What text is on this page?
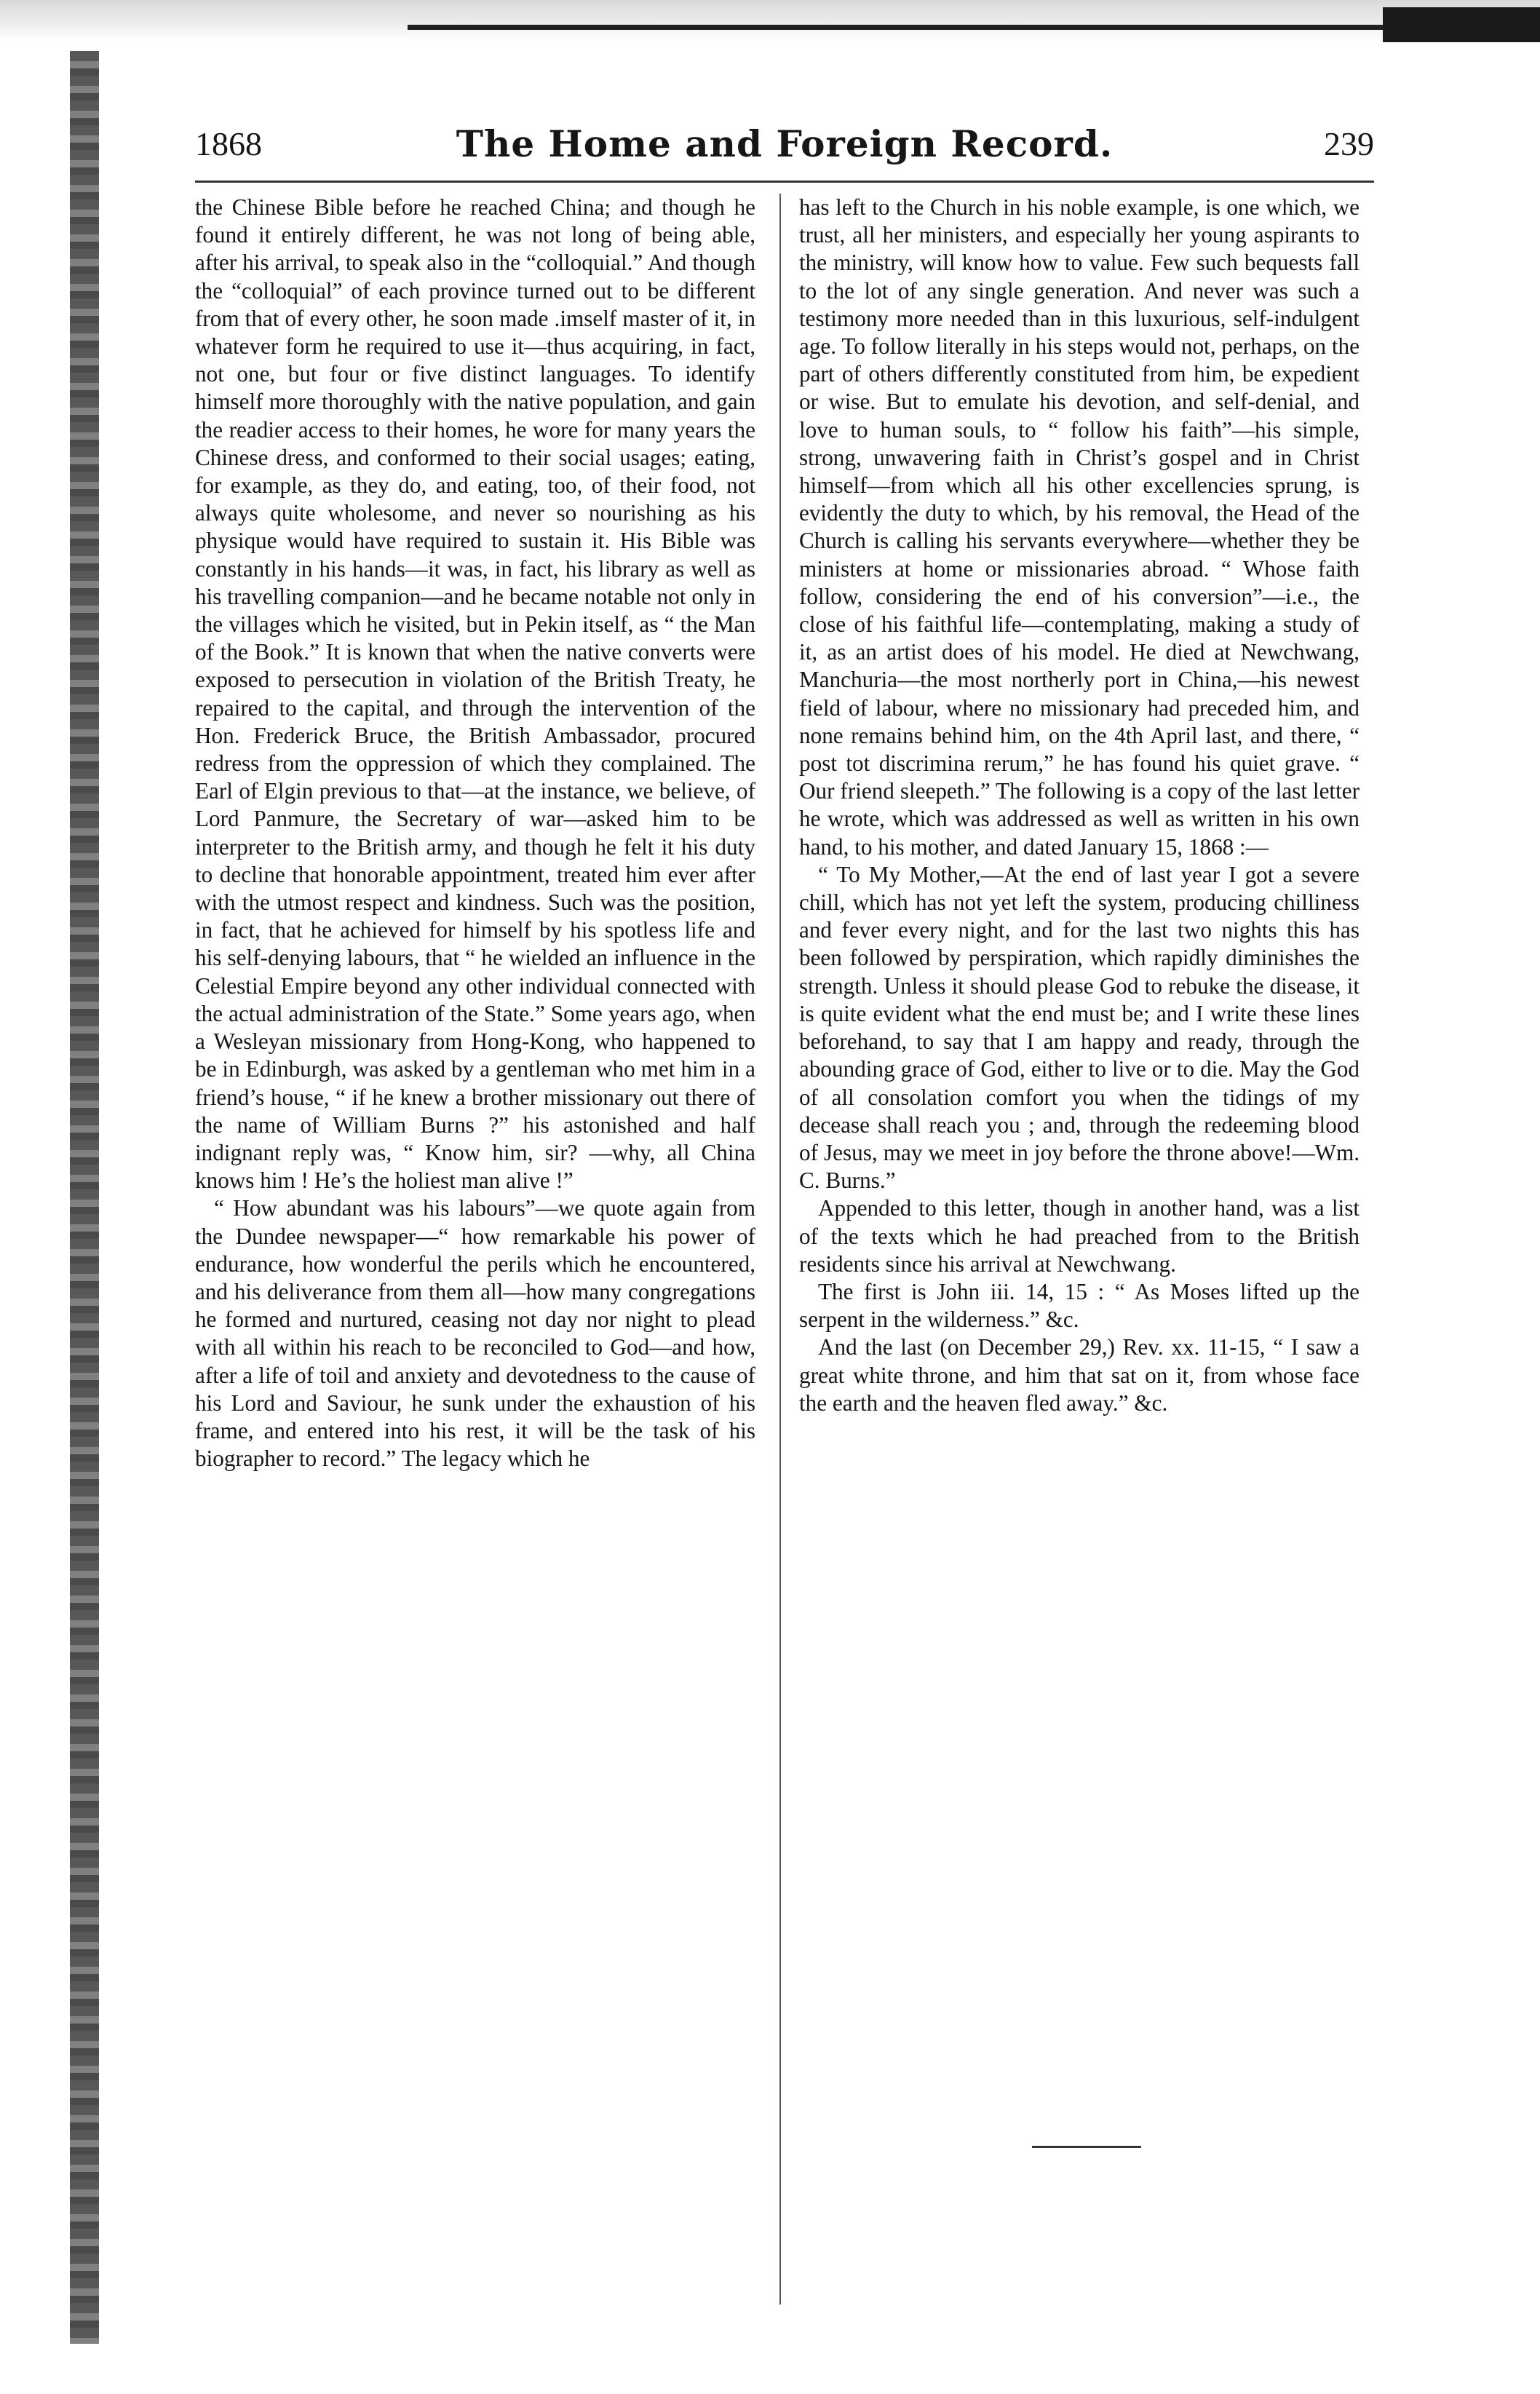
1868	The Home and Foreign Record.	239

the Chinese Bible before he reached China; and though he found it entirely different, he was not long of being able, after his arrival, to speak also in the “colloquial.” And though the “colloquial” of each province turned out to be different from that of every other, he soon made .imself master of it, in whatever form he required to use it—thus acquiring, in fact, not one, but four or five distinct languages. To identify himself more thoroughly with the native population, and gain the readier access to their homes, he wore for many years the Chinese dress, and conformed to their social usages; eating, for example, as they do, and eating, too, of their food, not always quite wholesome, and never so nourishing as his physique would have required to sustain it. His Bible was constantly in his hands—it was, in fact, his library as well as his travelling companion—and he became notable not only in the villages which he visited, but in Pekin itself, as “ the Man of the Book.” It is known that when the native converts were exposed to persecution in violation of the British Treaty, he repaired to the capital, and through the intervention of the Hon. Frederick Bruce, the British Ambassador, procured redress from the oppression of which they complained. The Earl of Elgin previous to that—at the instance, we believe, of Lord Panmure, the Secretary of war—asked him to be interpreter to the British army, and though he felt it his duty to decline that honorable appointment, treated him ever after with the utmost respect and kindness. Such was the position, in fact, that he achieved for himself by his spotless life and his self-denying labours, that “ he wielded an influence in the Celestial Empire beyond any other individual connected with the actual administration of the State.” Some years ago, when a Wesleyan missionary from Hong-Kong, who happened to be in Edinburgh, was asked by a gentleman who met him in a friend’s house, “ if he knew a brother missionary out there of the name of William Burns ?” his astonished and half indignant reply was, “ Know him, sir? —why, all China knows him ! He’s the holiest man alive !”

“ How abundant was his labours”—we quote again from the Dundee newspaper—“ how remarkable his power of endurance, how wonderful the perils which he encountered, and his deliverance from them all—how many congregations he formed and nurtured, ceasing not day nor night to plead with all within his reach to be reconciled to God—and how, after a life of toil and anxiety and devotedness to the cause of his Lord and Saviour, he sunk under the exhaustion of his frame, and entered into his rest, it will be the task of his biographer to record.” The legacy which he

has left to the Church in his noble example, is one which, we trust, all her ministers, and especially her young aspirants to the ministry, will know how to value. Few such bequests fall to the lot of any single generation. And never was such a testimony more needed than in this luxurious, self-indulgent age. To follow literally in his steps would not, perhaps, on the part of others differently constituted from him, be expedient or wise. But to emulate his devotion, and self-denial, and love to human souls, to “ follow his faith”—his simple, strong, unwavering faith in Christ’s gospel and in Christ himself—from which all his other excellencies sprung, is evidently the duty to which, by his removal, the Head of the Church is calling his servants everywhere—whether they be ministers at home or missionaries abroad. “ Whose faith follow, considering the end of his conversion”—i.e., the close of his faithful life—contemplating, making a study of it, as an artist does of his model. He died at Newchwang, Manchuria—the most northerly port in China,—his newest field of labour, where no missionary had preceded him, and none remains behind him, on the 4th April last, and there, “ post tot discrimina rerum,” he has found his quiet grave. “ Our friend sleepeth.” The following is a copy of the last letter he wrote, which was addressed as well as written in his own hand, to his mother, and dated January 15, 1868 :—

“ To My Mother,—At the end of last year I got a severe chill, which has not yet left the system, producing chilliness and fever every night, and for the last two nights this has been followed by perspiration, which rapidly diminishes the strength. Unless it should please God to rebuke the disease, it is quite evident what the end must be; and I write these lines beforehand, to say that I am happy and ready, through the abounding grace of God, either to live or to die. May the God of all consolation comfort you when the tidings of my decease shall reach you ; and, through the redeeming blood of Jesus, may we meet in joy before the throne above!—Wm. C. Burns.”

Appended to this letter, though in another hand, was a list of the texts which he had preached from to the British residents since his arrival at Newchwang.

The first is John iii. 14, 15 : “ As Moses lifted up the serpent in the wilderness.” &c.

And the last (on December 29,) Rev. xx. 11-15, “ I saw a great white throne, and him that sat on it, from whose face the earth and the heaven fled away.” &c.
